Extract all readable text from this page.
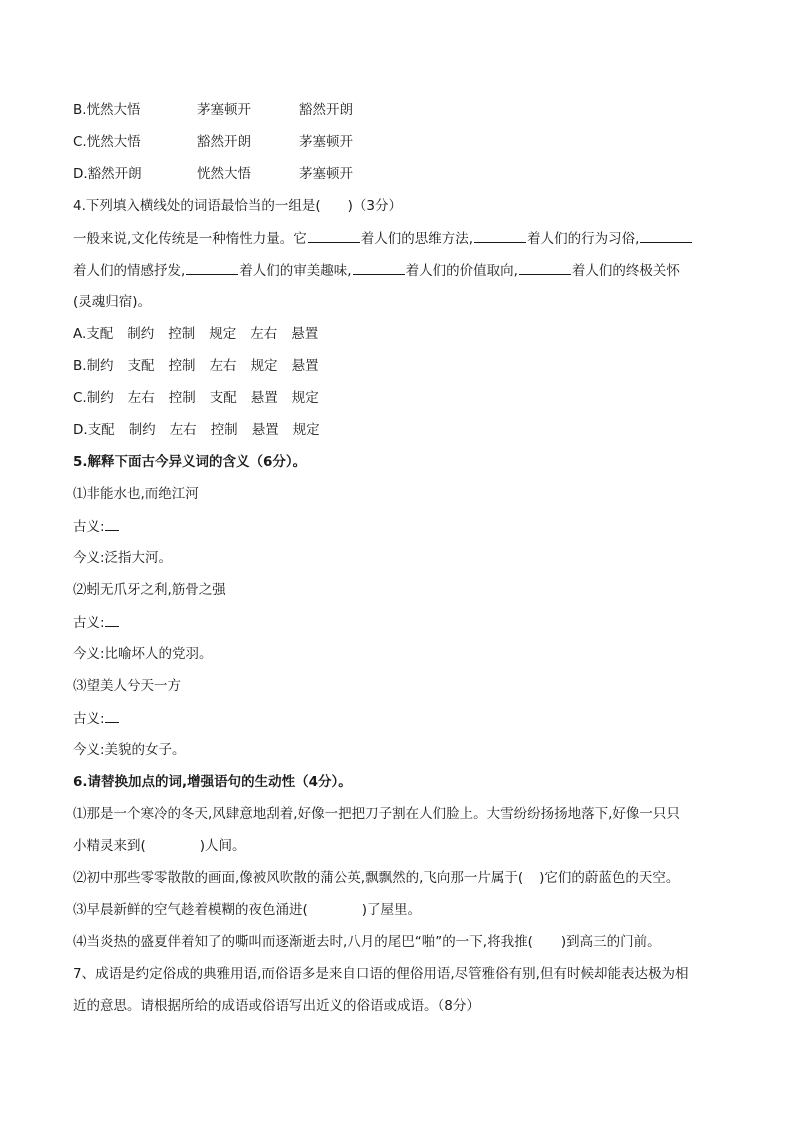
B.恍然大悟	茅塞顿开	豁然开朗
C.恍然大悟	豁然开朗	茅塞顿开
D.豁然开朗	恍然大悟	茅塞顿开
4.下列填入横线处的词语最恰当的一组是(　　)（3分）
一般来说,文化传统是一种惰性力量。它	着人们的思维方法,	着人们的行为习俗,
着人们的情感抒发,	着人们的审美趣味,	着人们的价值取向,	着人们的终极关怀
(灵魂归宿)。
A.支配 制约 控制 规定 左右 悬置
B.制约 支配 控制 左右 规定 悬置
C.制约 左右 控制 支配 悬置 规定
D.支配 制约 左右 控制 悬置 规定
5.解释下面古今异义词的含义（6分）。
⑴非能水也,而绝江河
古义:
今义:泛指大河。
⑵蚓无爪牙之利,筋骨之强
古义:
今义:比喻坏人的党羽。
⑶望美人兮天一方
古义:
今义:美貌的女子。
6.请替换加点的词,增强语句的生动性（4分）。
⑴那是一个寒冷的冬天,风肆意地刮着,好像一把把刀子割在人们脸上。大雪纷纷扬扬地落下,好像一只只
小精灵来到(	)人间。
⑵初中那些零零散散的画面,像被风吹散的蒲公英,飘飘然的,飞向那一片属于( )它们的蔚蓝色的天空。
⑶早晨新鲜的空气趁着模糊的夜色涌进(	)了屋里。
⑷当炎热的盛夏伴着知了的嘶叫而逐渐逝去时,八月的尾巴“啪”的一下,将我推( )到高三的门前。
7、成语是约定俗成的典雅用语,而俗语多是来自口语的俚俗用语,尽管雅俗有别,但有时候却能表达极为相
近的意思。请根据所给的成语或俗语写出近义的俗语或成语。（8分）
